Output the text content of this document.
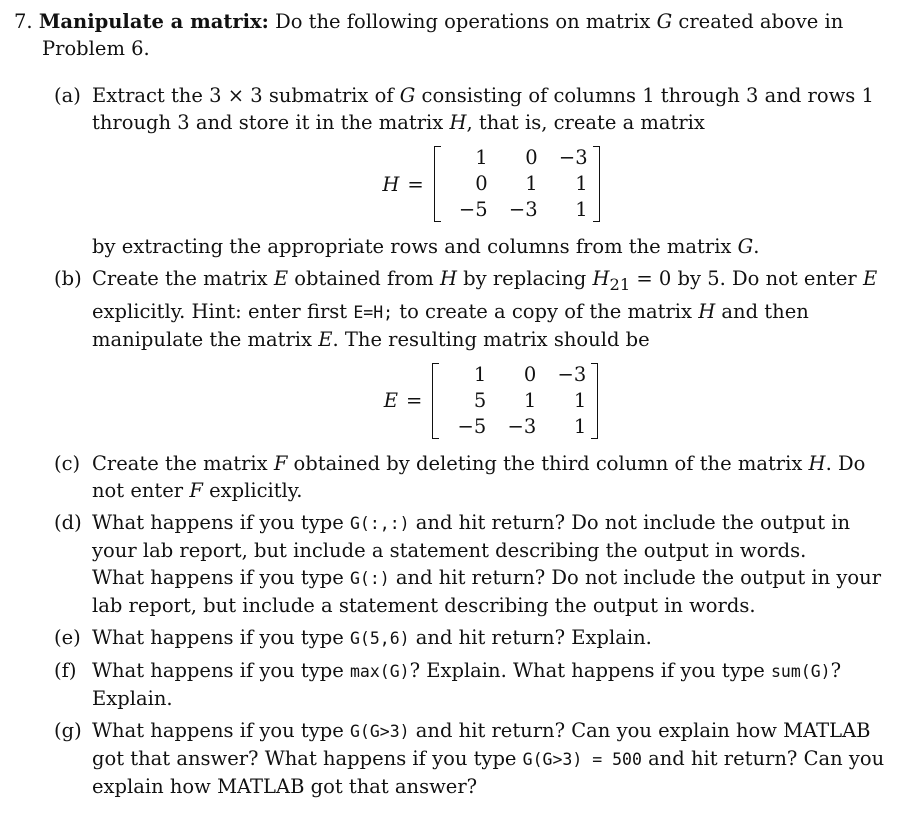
7. Manipulate a matrix: Do the following operations on matrix G created above in Problem 6.
(a) Extract the 3 × 3 submatrix of G consisting of columns 1 through 3 and rows 1 through 3 and store it in the matrix H, that is, create a matrix
H =
1	0	−3
0	1	1
−5	−3	1
by extracting the appropriate rows and columns from the matrix G.
(b) Create the matrix E obtained from H by replacing $H_{21} = 0$ by 5. Do not enter E explicitly. Hint: enter first E=H; to create a copy of the matrix H and then manipulate the matrix E. The resulting matrix should be
E =
1	0	−3
5	1	1
−5	−3	1
(c) Create the matrix F obtained by deleting the third column of the matrix H. Do not enter F explicitly.
(d) What happens if you type G(:,:) and hit return? Do not include the output in your lab report, but include a statement describing the output in words.
What happens if you type G(:) and hit return? Do not include the output in your lab report, but include a statement describing the output in words.
(e) What happens if you type G(5,6) and hit return? Explain.
(f) What happens if you type max(G)? Explain. What happens if you type sum(G)? Explain.
(g) What happens if you type G(G>3) and hit return? Can you explain how MATLAB got that answer? What happens if you type G(G>3) = 500 and hit return? Can you explain how MATLAB got that answer?
